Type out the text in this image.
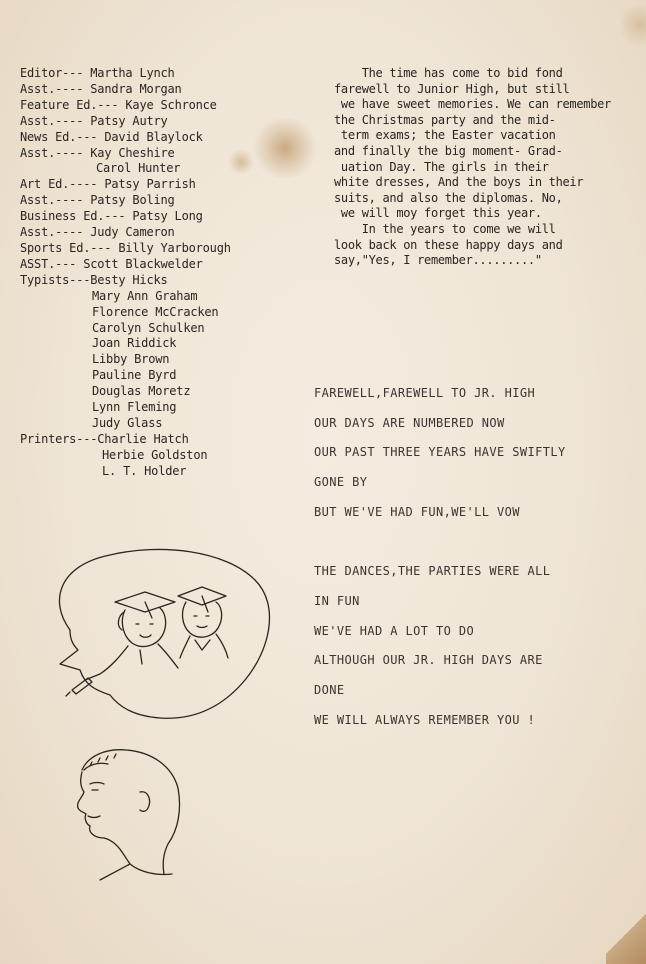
Editor--- Martha Lynch
Asst.---- Sandra Morgan
Feature Ed.--- Kaye Schronce
Asst.---- Patsy Autry
News Ed.--- David Blaylock
Asst.---- Kay Cheshire
Carol Hunter
Art Ed.---- Patsy Parrish
Asst.---- Patsy Boling
Business Ed.--- Patsy Long
Asst.---- Judy Cameron
Sports Ed.--- Billy Yarborough
ASST.--- Scott Blackwelder
Typists---Besty Hicks
Mary Ann Graham
Florence McCracken
Carolyn Schulken
Joan Riddick
Libby Brown
Pauline Byrd
Douglas Moretz
Lynn Fleming
Judy Glass
Printers---Charlie Hatch
Herbie Goldston
L. T. Holder

The time has come to bid fond

farewell to Junior High, but still

we have sweet memories. We can remember

the Christmas party and the mid-

term exams; the Easter vacation

and finally the big moment- Grad-

uation Day. The girls in their

white dresses, And the boys in their

suits, and also the diplomas. No,

we will moy forget this year.

In the years to come we will

look back on these happy days and

say,"Yes, I remember........."

FAREWELL,FAREWELL TO JR. HIGH
OUR DAYS ARE NUMBERED NOW
OUR PAST THREE YEARS HAVE SWIFTLY
GONE BY
BUT WE'VE HAD FUN,WE'LL VOW
THE DANCES,THE PARTIES WERE ALL
IN FUN
WE'VE HAD A LOT TO DO
ALTHOUGH OUR JR. HIGH DAYS ARE
DONE
WE WILL ALWAYS REMEMBER YOU !
